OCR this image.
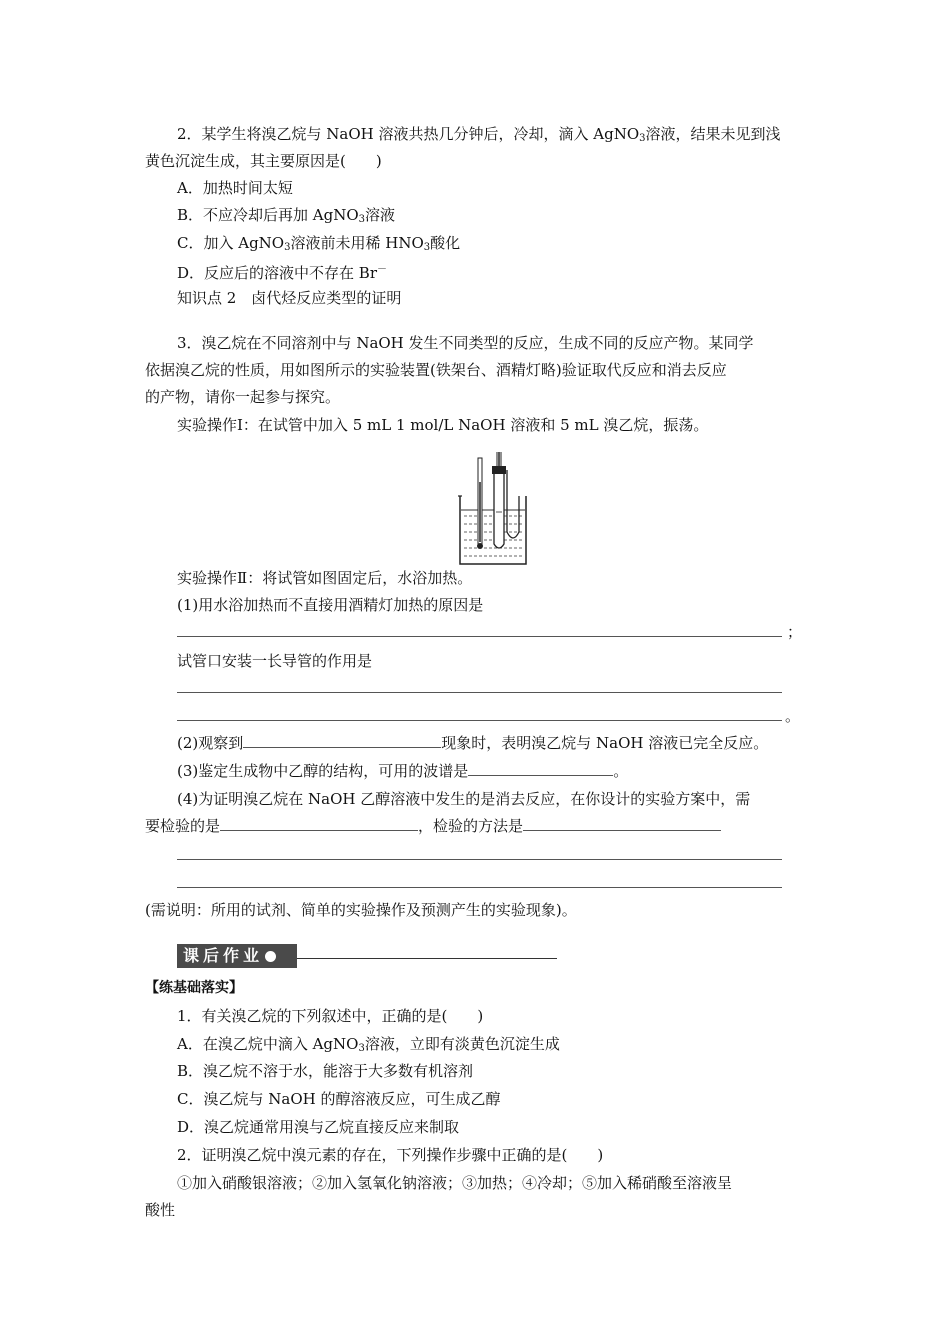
2．某学生将溴乙烷与 NaOH 溶液共热几分钟后，冷却，滴入 AgNO$_3$溶液，结果未见到浅
黄色沉淀生成，其主要原因是(　　)
A．加热时间太短
B．不应冷却后再加 AgNO$_3$溶液
C．加入 AgNO$_3$溶液前未用稀 $HNO_3$酸化
D．反应后的溶液中不存在 Br－
知识点 2　卤代烃反应类型的证明
3．溴乙烷在不同溶剂中与 NaOH 发生不同类型的反应，生成不同的反应产物。某同学
依据溴乙烷的性质，用如图所示的实验装置(铁架台、酒精灯略)验证取代反应和消去反应
的产物，请你一起参与探究。
实验操作Ⅰ：在试管中加入 5 mL 1 mol/L NaOH 溶液和 5 mL 溴乙烷，振荡。
实验操作Ⅱ：将试管如图固定后，水浴加热。
(1)用水浴加热而不直接用酒精灯加热的原因是
；
试管口安装一长导管的作用是
。
(2)观察到	现象时，表明溴乙烷与 NaOH 溶液已完全反应。
(3)鉴定生成物中乙醇的结构，可用的波谱是	。
(4)为证明溴乙烷在 NaOH 乙醇溶液中发生的是消去反应，在你设计的实验方案中，需
要检验的是	，检验的方法是
(需说明：所用的试剂、简单的实验操作及预测产生的实验现象)。
课后作业
【练基础落实】
1．有关溴乙烷的下列叙述中，正确的是(　　)
A．在溴乙烷中滴入 AgNO$_3$溶液，立即有淡黄色沉淀生成
B．溴乙烷不溶于水，能溶于大多数有机溶剂
C．溴乙烷与 NaOH 的醇溶液反应，可生成乙醇
D．溴乙烷通常用溴与乙烷直接反应来制取
2．证明溴乙烷中溴元素的存在，下列操作步骤中正确的是(　　)
①加入硝酸银溶液；②加入氢氧化钠溶液；③加热；④冷却；⑤加入稀硝酸至溶液呈
酸性
